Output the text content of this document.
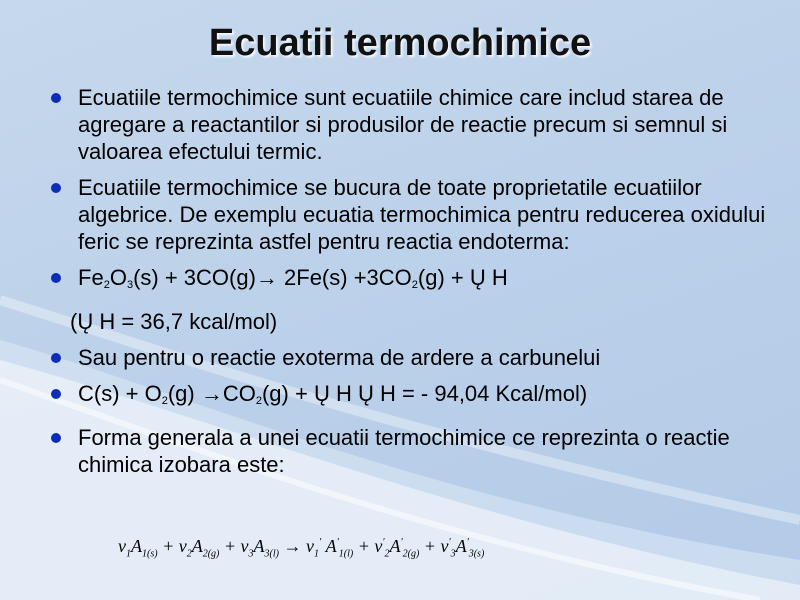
Ecuatii termochimice
Ecuatiile termochimice sunt ecuatiile chimice care includ starea de agregare a reactantilor si produsilor de reactie precum si semnul si valoarea efectului termic.
Ecuatiile termochimice se bucura de toate proprietatile ecuatiilor algebrice. De exemplu ecuatia termochimica pentru reducerea oxidului feric se reprezinta astfel pentru reactia endoterma:
$Fe_2O_3(s) + 3CO(g)\to 2Fe(s) +3CO_2(g)$ + Ų H
(Ų H = 36,7 kcal/mol)
Sau pentru o reactie exoterma de ardere a carbunelui
$C(s) + O_2(g) \to CO_2(g)$ + Ų H Ų H = - 94,04 Kcal/mol)
Forma generala a unei ecuatii termochimice ce reprezinta o reactie chimica izobara este:
$\nu_1A_{1(s)} + \nu_2A_{2(g)} + \nu_3A_{3(l)} \to \nu_1'$ $A'_{1(l)} + \nu'_2A'_{2(g)} + \nu'_3A'_{3(s)}$
